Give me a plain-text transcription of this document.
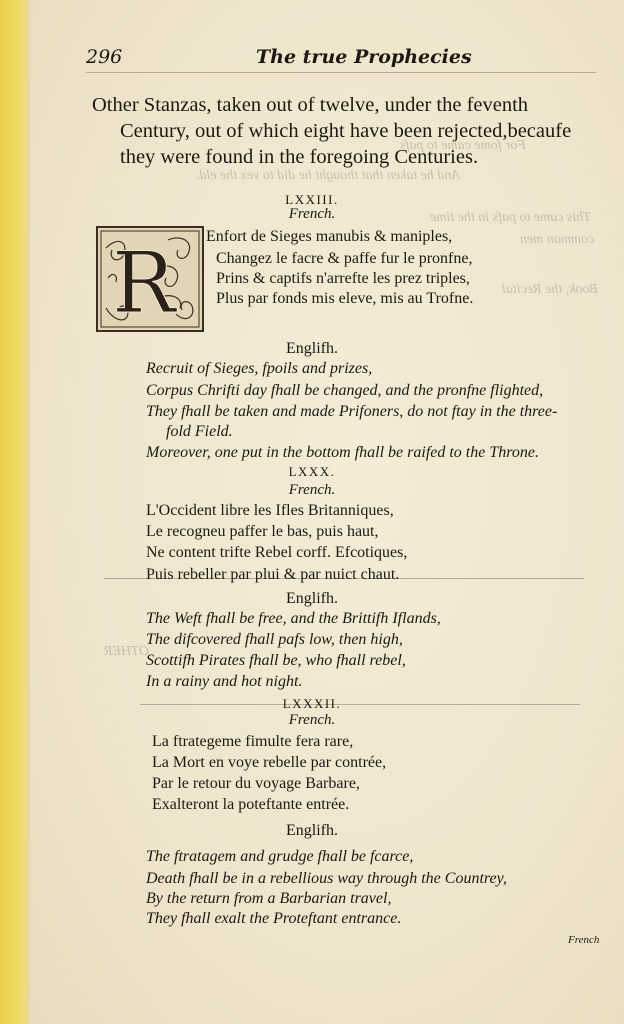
For fome came to pafs
And he taken that thought he did to vex the eld.
This came to pafs in the time
common men
Book, the Recital
OTHER
296	The true Prophecies
Other Stanzas, taken out of twelve, under the feventh
Century, out of which eight have been rejected,becaufe
they were found in the foregoing Centuries.
LXXIII.
French.
R Enfort de Sieges manubis & maniples,
Changez le facre & paffe fur le pronfne,
Prins & captifs n'arrefte les prez triples,
Plus par fonds mis eleve, mis au Trofne.
Englifh.
Recruit of Sieges, fpoils and prizes,
Corpus Chrifti day fhall be changed, and the pronfne flighted,
They fhall be taken and made Prifoners, do not ftay in the three-
fold Field.
Moreover, one put in the bottom fhall be raifed to the Throne.
LXXX.
French.
L'Occident libre les Ifles Britanniques,
Le recogneu paffer le bas, puis haut,
Ne content trifte Rebel corff. Efcotiques,
Puis rebeller par plui & par nuict chaut.
Englifh.
The Weft fhall be free, and the Brittifh Iflands,
The difcovered fhall pafs low, then high,
Scottifh Pirates fhall be, who fhall rebel,
In a rainy and hot night.
LXXXII.
French.
La ftrategeme fimulte fera rare,
La Mort en voye rebelle par contrée,
Par le retour du voyage Barbare,
Exalteront la poteftante entrée.
Englifh.
The ftratagem and grudge fhall be fcarce,
Death fhall be in a rebellious way through the Countrey,
By the return from a Barbarian travel,
They fhall exalt the Proteftant entrance.
French
